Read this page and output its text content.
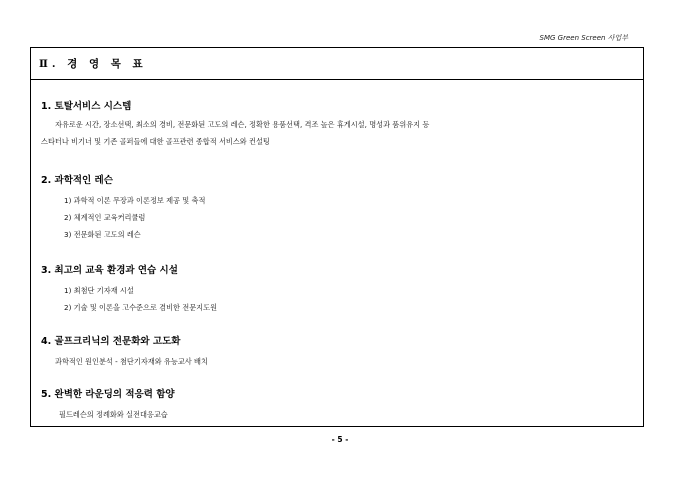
SMG Green Screen 사업부
Ⅱ. 경 영 목 표
1. 토탈서비스 시스템
자유로운 시간, 장소선택, 최소의 경비, 전문화된 고도의 레슨, 정확한 용품선택, 격조 높은 휴게시설, 명성과 품위유지 등
스타터나 비기너 및 기존 골퍼들에 대한 골프관련 종합적 서비스와 컨설팅
2. 과학적인 레슨
1) 과학적 이론 무장과 이론정보 제공 및 축적
2) 체계적인 교육커리큘럼
3) 전문화된 고도의 레슨
3. 최고의 교육 환경과 연습 시설
1) 최첨단 기자재 시설
2) 기술 및 이론을 고수준으로 겸비한 전문지도원
4. 골프크리닉의 전문화와 고도화
과학적인 원인분석 - 첨단기자재와 유능교사 배치
5. 완벽한 라운딩의 적응력 함양
필드레슨의 정례화와 실전대응교습
- 5 -
